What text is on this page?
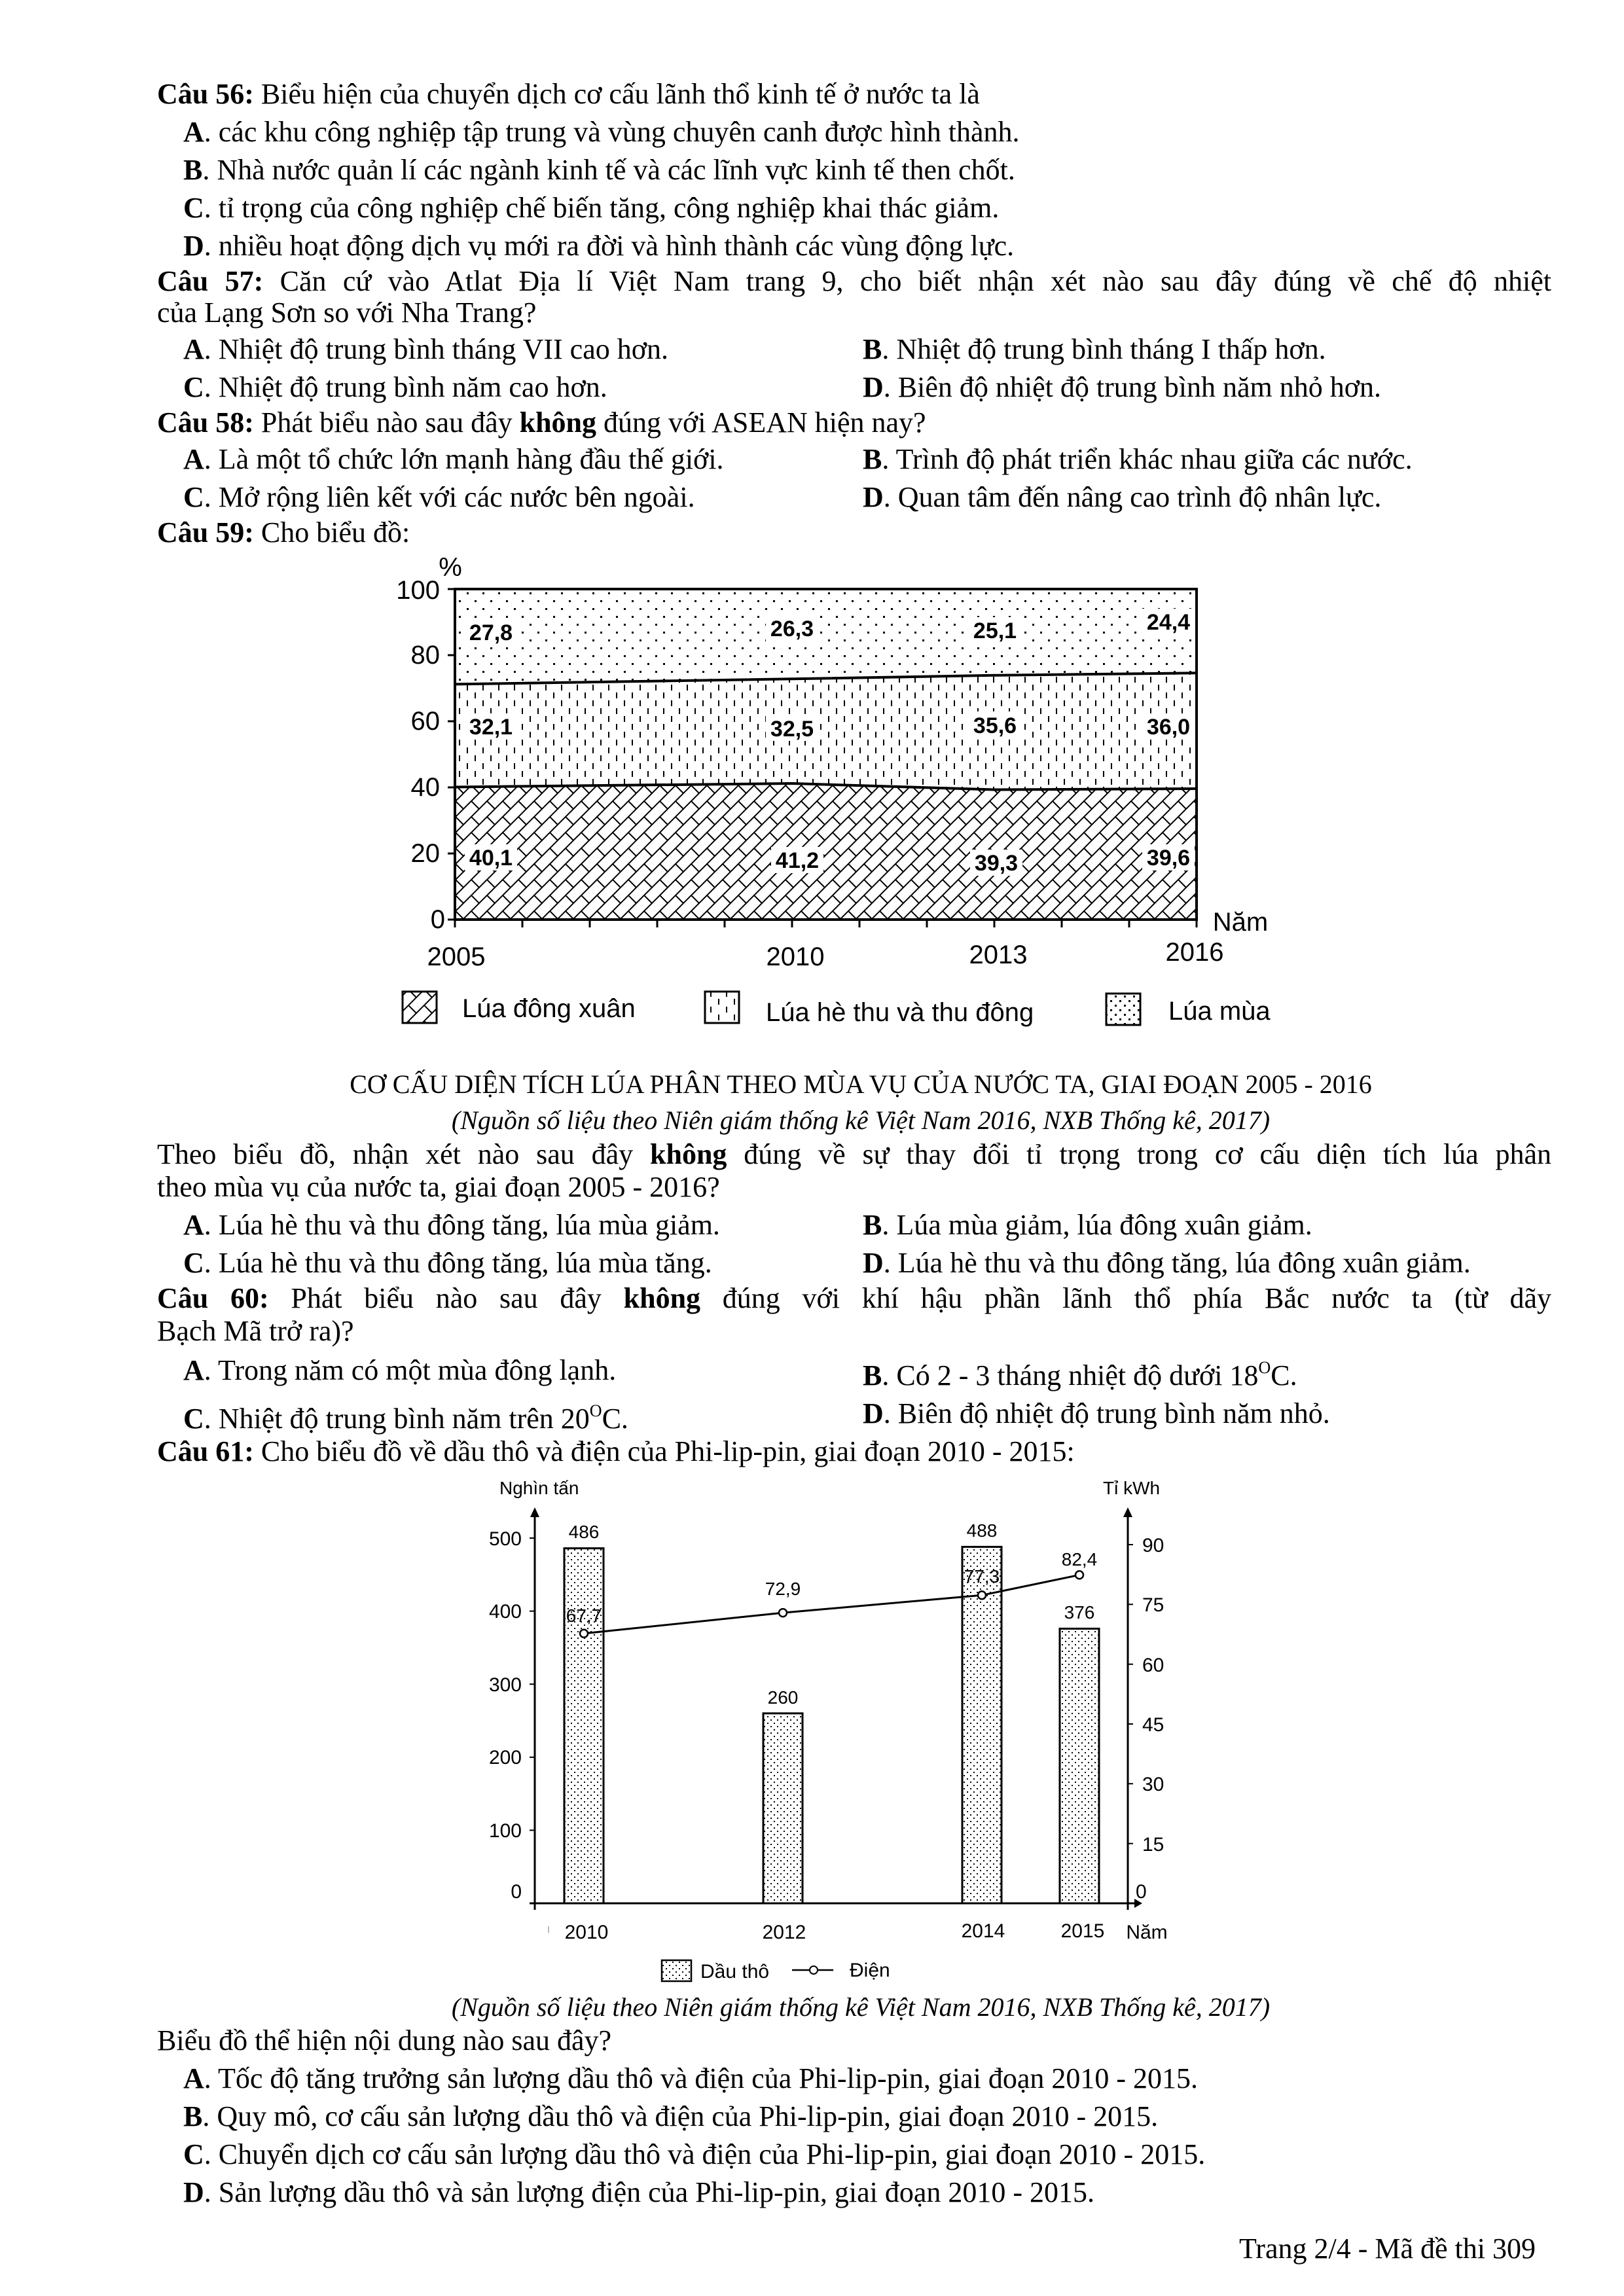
Câu 56: Biểu hiện của chuyển dịch cơ cấu lãnh thổ kinh tế ở nước ta là
A. các khu công nghiệp tập trung và vùng chuyên canh được hình thành.
B. Nhà nước quản lí các ngành kinh tế và các lĩnh vực kinh tế then chốt.
C. tỉ trọng của công nghiệp chế biến tăng, công nghiệp khai thác giảm.
D. nhiều hoạt động dịch vụ mới ra đời và hình thành các vùng động lực.
Câu 57: Căn cứ vào Atlat Địa lí Việt Nam trang 9, cho biết nhận xét nào sau đây đúng về chế độ nhiệt
của Lạng Sơn so với Nha Trang?
A. Nhiệt độ trung bình tháng VII cao hơn.	B. Nhiệt độ trung bình tháng I thấp hơn.
C. Nhiệt độ trung bình năm cao hơn.	D. Biên độ nhiệt độ trung bình năm nhỏ hơn.
Câu 58: Phát biểu nào sau đây không đúng với ASEAN hiện nay?
A. Là một tổ chức lớn mạnh hàng đầu thế giới.	B. Trình độ phát triển khác nhau giữa các nước.
C. Mở rộng liên kết với các nước bên ngoài.	D. Quan tâm đến nâng cao trình độ nhân lực.
Câu 59: Cho biểu đồ:
%
100
80
60
40
20
0
2005	2010	2013	2016
Năm
27,8	26,3	25,1	24,4
32,1	32,5	35,6	36,0
40,1	41,2	39,3	39,6
Lúa đông xuân	Lúa hè thu và thu đông	Lúa mùa
CƠ CẤU DIỆN TÍCH LÚA PHÂN THEO MÙA VỤ CỦA NƯỚC TA, GIAI ĐOẠN 2005 - 2016
(Nguồn số liệu theo Niên giám thống kê Việt Nam 2016, NXB Thống kê, 2017)
Theo biểu đồ, nhận xét nào sau đây không đúng về sự thay đổi tỉ trọng trong cơ cấu diện tích lúa phân
theo mùa vụ của nước ta, giai đoạn 2005 - 2016?
A. Lúa hè thu và thu đông tăng, lúa mùa giảm.	B. Lúa mùa giảm, lúa đông xuân giảm.
C. Lúa hè thu và thu đông tăng, lúa mùa tăng.	D. Lúa hè thu và thu đông tăng, lúa đông xuân giảm.
Câu 60: Phát biểu nào sau đây không đúng với khí hậu phần lãnh thổ phía Bắc nước ta (từ dãy
Bạch Mã trở ra)?
A. Trong năm có một mùa đông lạnh.	B. Có 2 - 3 tháng nhiệt độ dưới $18^OC$.
C. Nhiệt độ trung bình năm trên $20^OC$.	D. Biên độ nhiệt độ trung bình năm nhỏ.
Câu 61: Cho biểu đồ về dầu thô và điện của Phi-lip-pin, giai đoạn 2010 - 2015:
Nghìn tấn	Tỉ kWh
500
400
300
200
100
0
90
75
60
45
30
15
0
486
260
488
376
67,7
72,9
77,3
82,4
2010	2012	2014	2015 Năm
Dầu thô	Điện
(Nguồn số liệu theo Niên giám thống kê Việt Nam 2016, NXB Thống kê, 2017)
Biểu đồ thể hiện nội dung nào sau đây?
A. Tốc độ tăng trưởng sản lượng dầu thô và điện của Phi-lip-pin, giai đoạn 2010 - 2015.
B. Quy mô, cơ cấu sản lượng dầu thô và điện của Phi-lip-pin, giai đoạn 2010 - 2015.
C. Chuyển dịch cơ cấu sản lượng dầu thô và điện của Phi-lip-pin, giai đoạn 2010 - 2015.
D. Sản lượng dầu thô và sản lượng điện của Phi-lip-pin, giai đoạn 2010 - 2015.
Trang 2/4 - Mã đề thi 309
